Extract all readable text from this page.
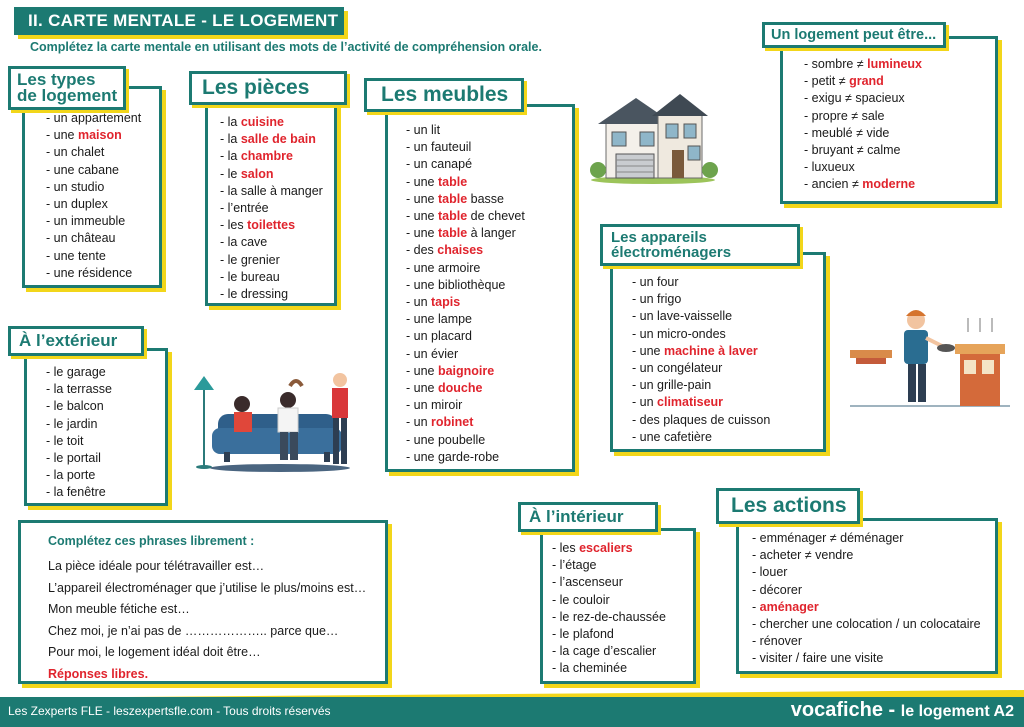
II. CARTE MENTALE - LE LOGEMENT
Complétez la carte mentale en utilisant des mots de l’activité de compréhension orale.
Les types
de logement
- un appartement
- une maison
- un chalet
- une cabane
- un studio
- un duplex
- un immeuble
- un château
- une tente
- une résidence
Les pièces
- la cuisine
- la salle de bain
- la chambre
- le salon
- la salle à manger
- l’entrée
- les toilettes
- la cave
- le grenier
- le bureau
- le dressing
Les meubles
- un lit
- un fauteuil
- un canapé
- une table
- une table basse
- une table de chevet
- une table à langer
- des chaises
- une armoire
- une bibliothèque
- un tapis
- une lampe
- un placard
- un évier
- une baignoire
- une douche
- un miroir
- un robinet
- une poubelle
- une garde-robe
Un logement peut être...
- sombre ≠ lumineux
- petit ≠ grand
- exigu ≠ spacieux
- propre ≠ sale
- meublé ≠ vide
- bruyant ≠ calme
- luxueux
- ancien ≠ moderne
Les appareils
électroménagers
- un four
- un frigo
- un lave-vaisselle
- un micro-ondes
- une machine à laver
- un congélateur
- un grille-pain
- un climatiseur
- des plaques de cuisson
- une cafetière
À l’extérieur
- le garage
- la terrasse
- le balcon
- le jardin
- le toit
- le portail
- la porte
- la fenêtre
Complétez ces phrases librement :
La pièce idéale pour télétravailler est…
L’appareil électroménager que j’utilise le plus/moins est…
Mon meuble fétiche est…
Chez moi, je n’ai pas de ……………….. parce que…
Pour moi, le logement idéal doit être…
Réponses libres.
À l’intérieur
- les escaliers
- l’étage
- l’ascenseur
- le couloir
- le rez-de-chaussée
- le plafond
- la cage d’escalier
- la cheminée
Les actions
- emménager ≠ déménager
- acheter ≠ vendre
- louer
- décorer
- aménager
- chercher une colocation / un colocataire
- rénover
- visiter / faire une visite
Les Zexperts FLE - leszexpertsfle.com - Tous droits réservés	vocafiche - le logement A2
